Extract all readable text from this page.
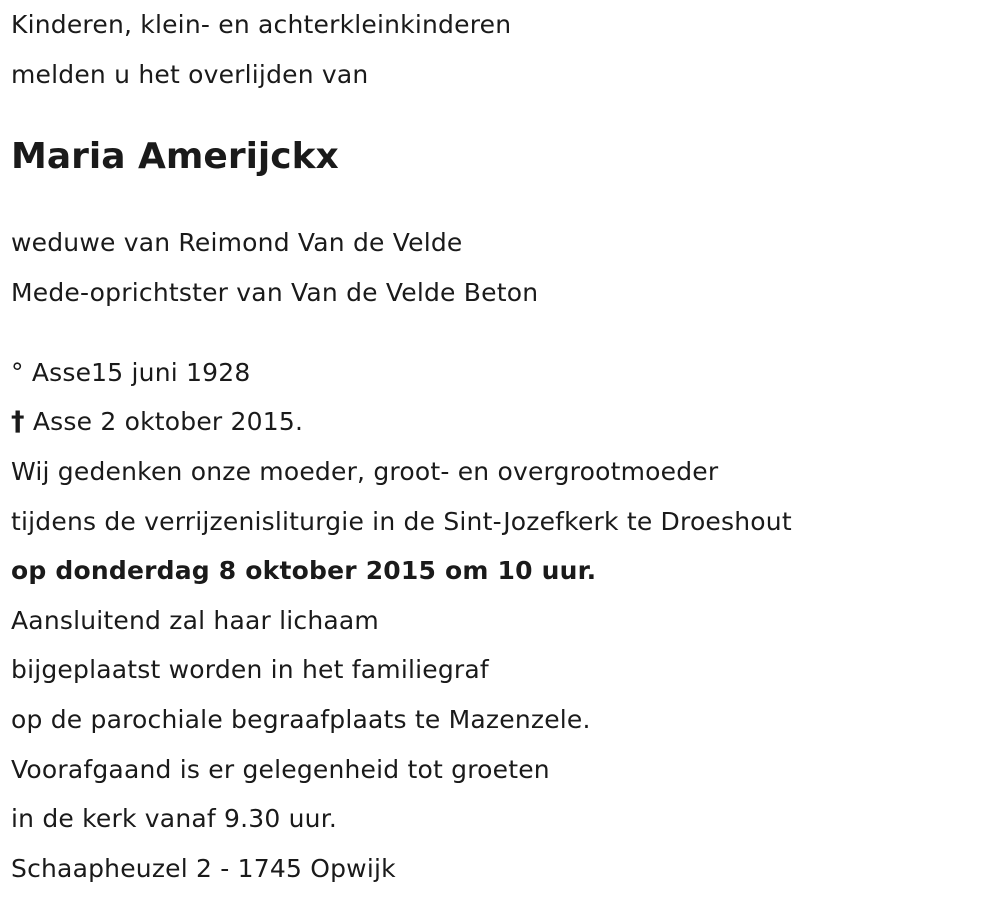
Kinderen, klein- en achterkleinkinderen
melden u het overlijden van
Maria Amerijckx
weduwe van Reimond Van de Velde
Mede-oprichtster van Van de Velde Beton
° Asse15 juni 1928
† Asse 2 oktober 2015.
Wij gedenken onze moeder, groot- en overgrootmoeder
tijdens de verrijzenisliturgie in de Sint-Jozefkerk te Droeshout
op donderdag 8 oktober 2015 om 10 uur.
Aansluitend zal haar lichaam
bijgeplaatst worden in het familiegraf
op de parochiale begraafplaats te Mazenzele.
Voorafgaand is er gelegenheid tot groeten
in de kerk vanaf 9.30 uur.
Schaapheuzel 2 - 1745 Opwijk
